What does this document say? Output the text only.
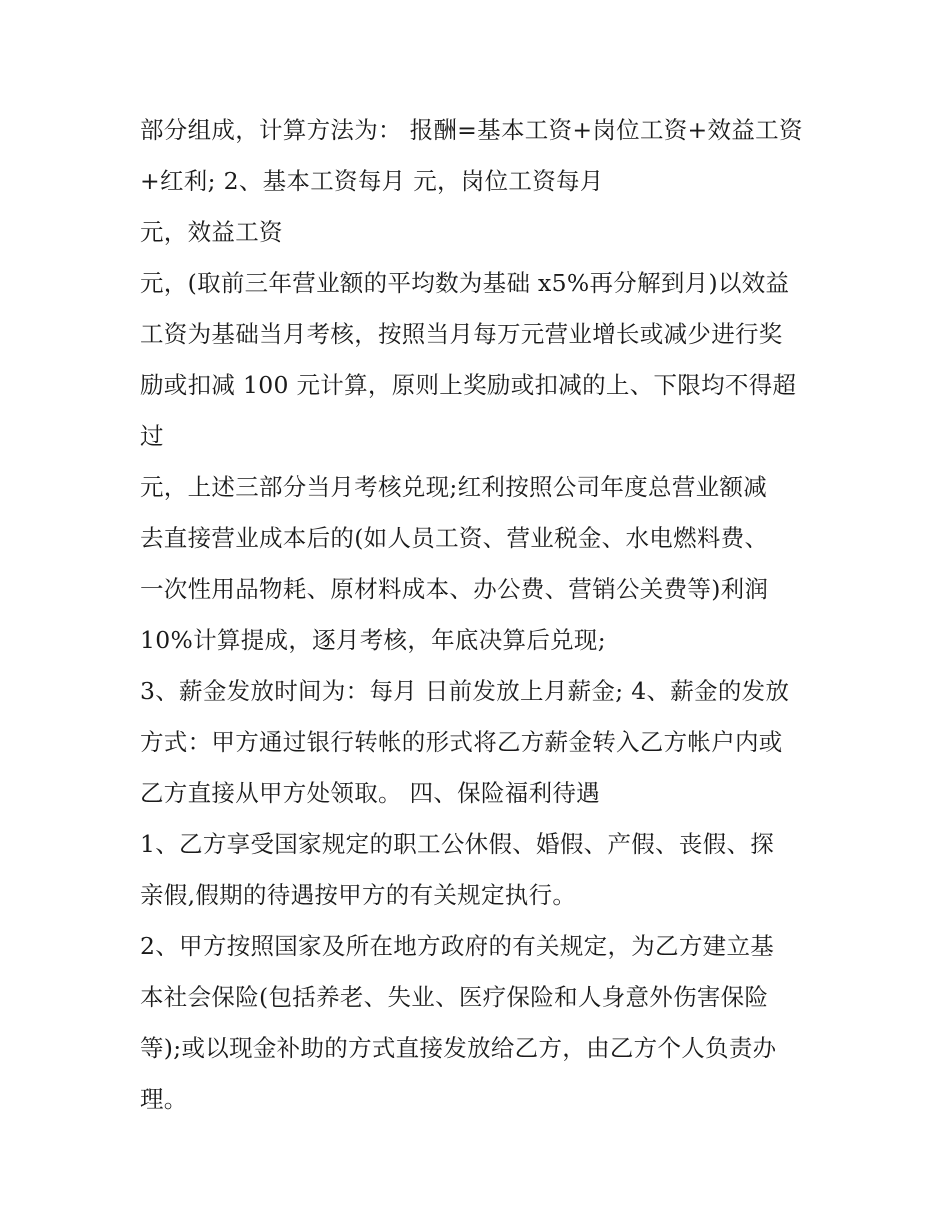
部分组成，计算方法为： 报酬=基本工资+岗位工资+效益工资
+红利; 2、基本工资每月 元，岗位工资每月
元，效益工资
元，(取前三年营业额的平均数为基础 x5%再分解到月)以效益
工资为基础当月考核，按照当月每万元营业增长或减少进行奖
励或扣减 100 元计算，原则上奖励或扣减的上、下限均不得超
过
元，上述三部分当月考核兑现;红利按照公司年度总营业额减
去直接营业成本后的(如人员工资、营业税金、水电燃料费、
一次性用品物耗、原材料成本、办公费、营销公关费等)利润
10%计算提成，逐月考核，年底决算后兑现;
3、薪金发放时间为：每月 日前发放上月薪金; 4、薪金的发放
方式：甲方通过银行转帐的形式将乙方薪金转入乙方帐户内或
乙方直接从甲方处领取。 四、保险福利待遇
1、乙方享受国家规定的职工公休假、婚假、产假、丧假、探
亲假,假期的待遇按甲方的有关规定执行。
2、甲方按照国家及所在地方政府的有关规定，为乙方建立基
本社会保险(包括养老、失业、医疗保险和人身意外伤害保险
等);或以现金补助的方式直接发放给乙方，由乙方个人负责办
理。
